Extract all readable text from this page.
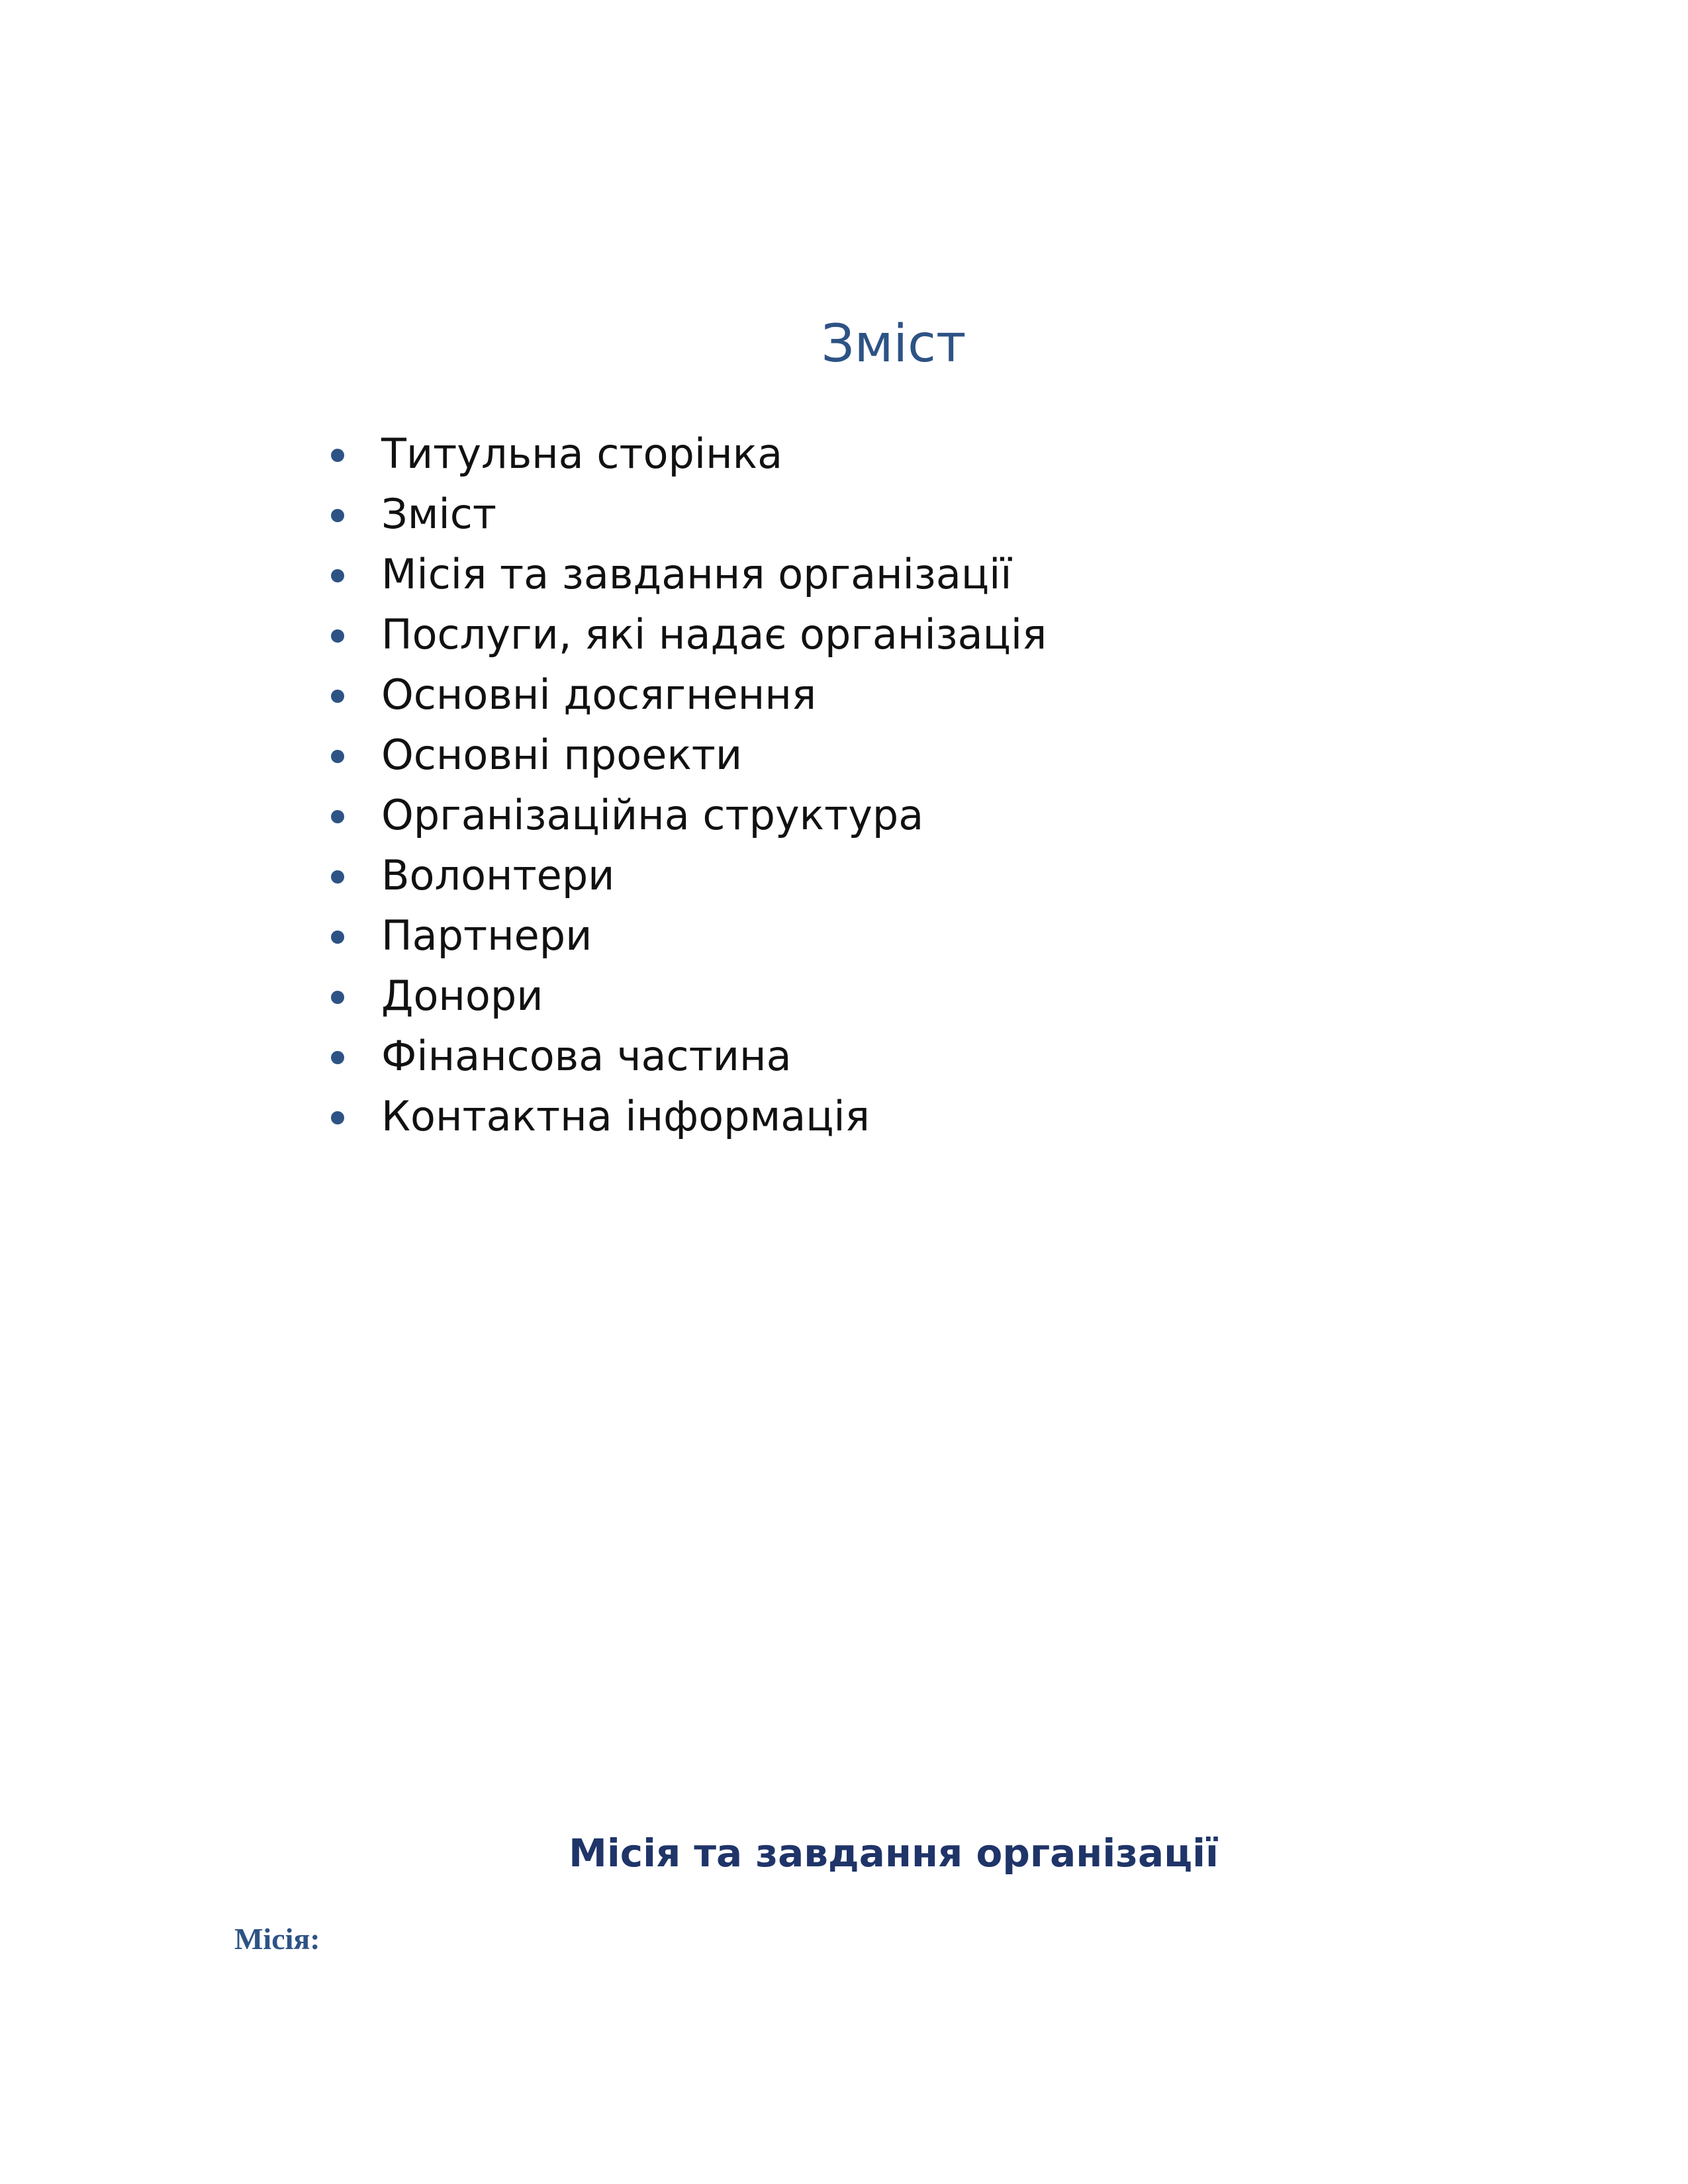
Зміст
Титульна сторінка
Зміст
Місія та завдання організації
Послуги, які надає організація
Основні досягнення
Основні проекти
Організаційна структура
Волонтери
Партнери
Донори
Фінансова частина
Контактна інформація
Місія та завдання організації

Місія:
